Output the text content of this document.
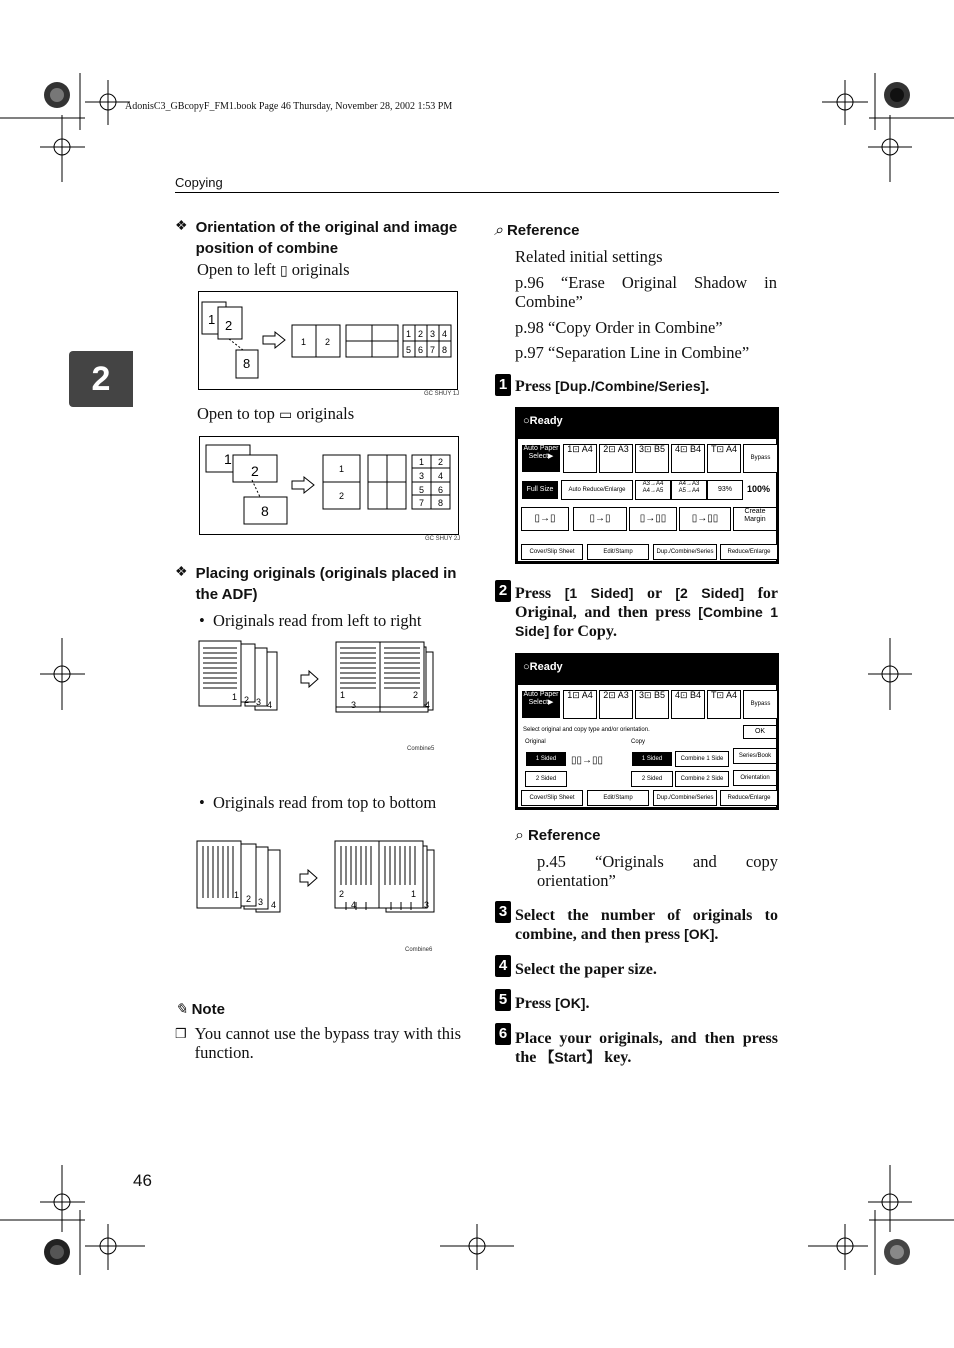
AdonisC3_GBcopyF_FM1.book Page 46 Thursday, November 28, 2002 1:53 PM
Copying
2
❖ Orientation of the original and image position of combine
Open to left ▯ originals
1 2
8
1 2
1 2 3 4
5 6 7 8
GC SHUY 1J
Open to top ▭ originals
1
2
8
1
2
1 2
3 4
5 6
7 8
GC SHUY 2J
❖ Placing originals (originals placed in the ADF)
•  Originals read from left to right
1 2 3 4
1	2
3	4
Combine5
• Originals read from top to bottom
1 2 3 4
2	1
4	3
Combine6
✎ Note
❒ You cannot use the bypass tray with this function.
⌕ Reference
Related initial settings
p.96 “Erase Original Shadow in Combine”
p.98 “Copy Order in Combine”
p.97 “Separation Line in Combine”
1 Press [Dup./Combine/Series].
○Ready
Auto Paper Select▶
1⊡ A4	2⊡ A3	3⊡ B5	4⊡ B4	T⊡ A4
Bypass
Full Size	Auto Reduce/Enlarge
A3→A4 A4→A5
A4→A3 A5→A4	93%	100%
▯→▯	▯→▯	▯→▯▯	▯→▯▯
Create Margin
Cover/Slip Sheet	Edit/Stamp	Dup./Combine/Series	Reduce/Enlarge
2 Press [1 Sided] or [2 Sided] for Original, and then press [Combine 1 Side] for Copy.
○Ready
Auto Paper Select▶
1⊡ A4	2⊡ A3	3⊡ B5	4⊡ B4	T⊡ A4
Bypass
Select original and copy type and/or orientation.	OK
Original	Copy
1 Sided
2 Sided
▯▯→▯▯	1 Sided
2 Sided
Combine 1 Side
Combine 2 Side
Series/Book
Orientation
Cover/Slip Sheet	Edit/Stamp	Dup./Combine/Series	Reduce/Enlarge
⌕ Reference
p.45 “Originals and copy orientation”
3 Select the number of originals to combine, and then press [OK].
4 Select the paper size.
5 Press [OK].
6 Place your originals, and then press the 【Start】 key.
46
